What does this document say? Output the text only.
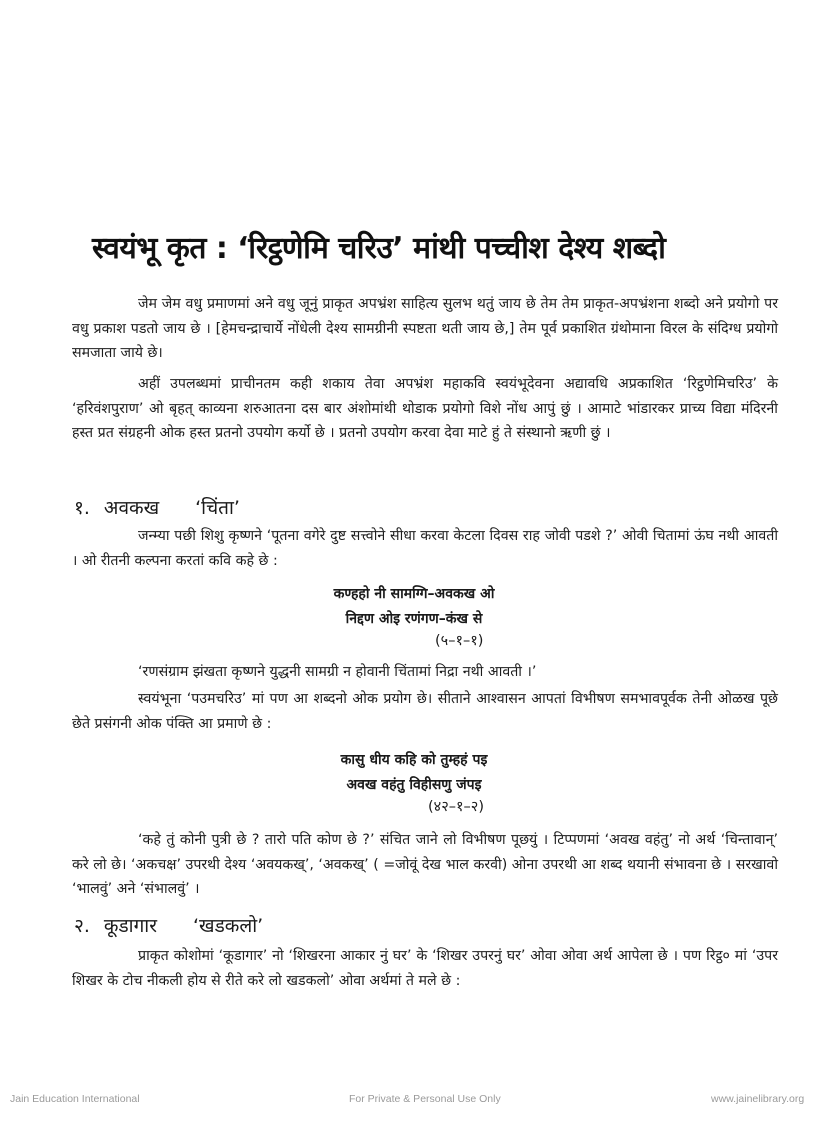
स्वयंभू कृत : ‘रिट्ठणेमि चरिउ’ मांथी पच्चीश देश्य शब्दो
जेम जेम वधु प्रमाणमां अने वधु जूनुं प्राकृत अपभ्रंश साहित्य सुलभ थतुं जाय छे तेम तेम प्राकृत-अपभ्रंशना शब्दो अने प्रयोगो पर वधु प्रकाश पडतो जाय छे । [हेमचन्द्राचार्ये नोंधेली देश्य सामग्रीनी स्पष्टता थती जाय छे,] तेम पूर्व प्रकाशित ग्रंथोमाना विरल के संदिग्ध प्रयोगो समजाता जाये छे।
अहीं उपलब्धमां प्राचीनतम कही शकाय तेवा अपभ्रंश महाकवि स्वयंभूदेवना अद्यावधि अप्रकाशित ‘रिट्ठणेमिचरिउ’ के ‘हरिवंशपुराण’ ओ बृहत् काव्यना शरुआतना दस बार अंशोमांथी थोडाक प्रयोगो विशे नोंध आपुं छुं । आमाटे भांडारकर प्राच्य विद्या मंदिरनी हस्त प्रत संग्रहनी ओक हस्त प्रतनो उपयोग कर्यो छे । प्रतनो उपयोग करवा देवा माटे हुं ते संस्थानो ऋणी छुं ।
१. अवकख ‘चिंता’
जन्म्या पछी शिशु कृष्णने ‘पूतना वगेरे दुष्ट सत्त्वोने सीधा करवा केटला दिवस राह जोवी पडशे ?’ ओवी चितामां ऊंघ नथी आवती । ओ रीतनी कल्पना करतां कवि कहे छे :
कण्हहो नी सामग्गि–अवकख ओ
निद्दण ओइ रणंगण–कंख से
(५–१–१)
‘रणसंग्राम झंखता कृष्णने युद्धनी सामग्री न होवानी चिंतामां निद्रा नथी आवती ।’
स्वयंभूना ‘पउमचरिउ’ मां पण आ शब्दनो ओक प्रयोग छे। सीताने आश्वासन आपतां विभीषण समभावपूर्वक तेनी ओळख पूछे छेते प्रसंगनी ओक पंक्ति आ प्रमाणे छे :
कासु धीय कहि को तुम्हहं पइ
अवख वहंतु विहीसणु जंपइ
(४२–१–२)
‘कहे तुं कोनी पुत्री छे ? तारो पति कोण छे ?’ संचित जाने लो विभीषण पूछयुं । टिप्पणमां ‘अवख वहंतु’ नो अर्थ ‘चिन्तावान्’ करे लो छे। ‘अकचक्ष’ उपरथी देश्य ‘अवयकख्’, ‘अवकख्’ ( =जोवूं देख भाल करवी) ओना उपरथी आ शब्द थयानी संभावना छे । सरखावो ‘भालवुं’ अने ‘संभालवुं’ ।
२. कूडागार ‘खडकलो’
प्राकृत कोशोमां ‘कूडागार’ नो ‘शिखरना आकार नुं घर’ के ‘शिखर उपरनुं घर’ ओवा ओवा अर्थ आपेला छे । पण रिट्ठ० मां ‘उपर शिखर के टोच नीकली होय से रीते करे लो खडकलो’ ओवा अर्थमां ते मले छे :
Jain Education International	For Private & Personal Use Only	www.jainelibrary.org
